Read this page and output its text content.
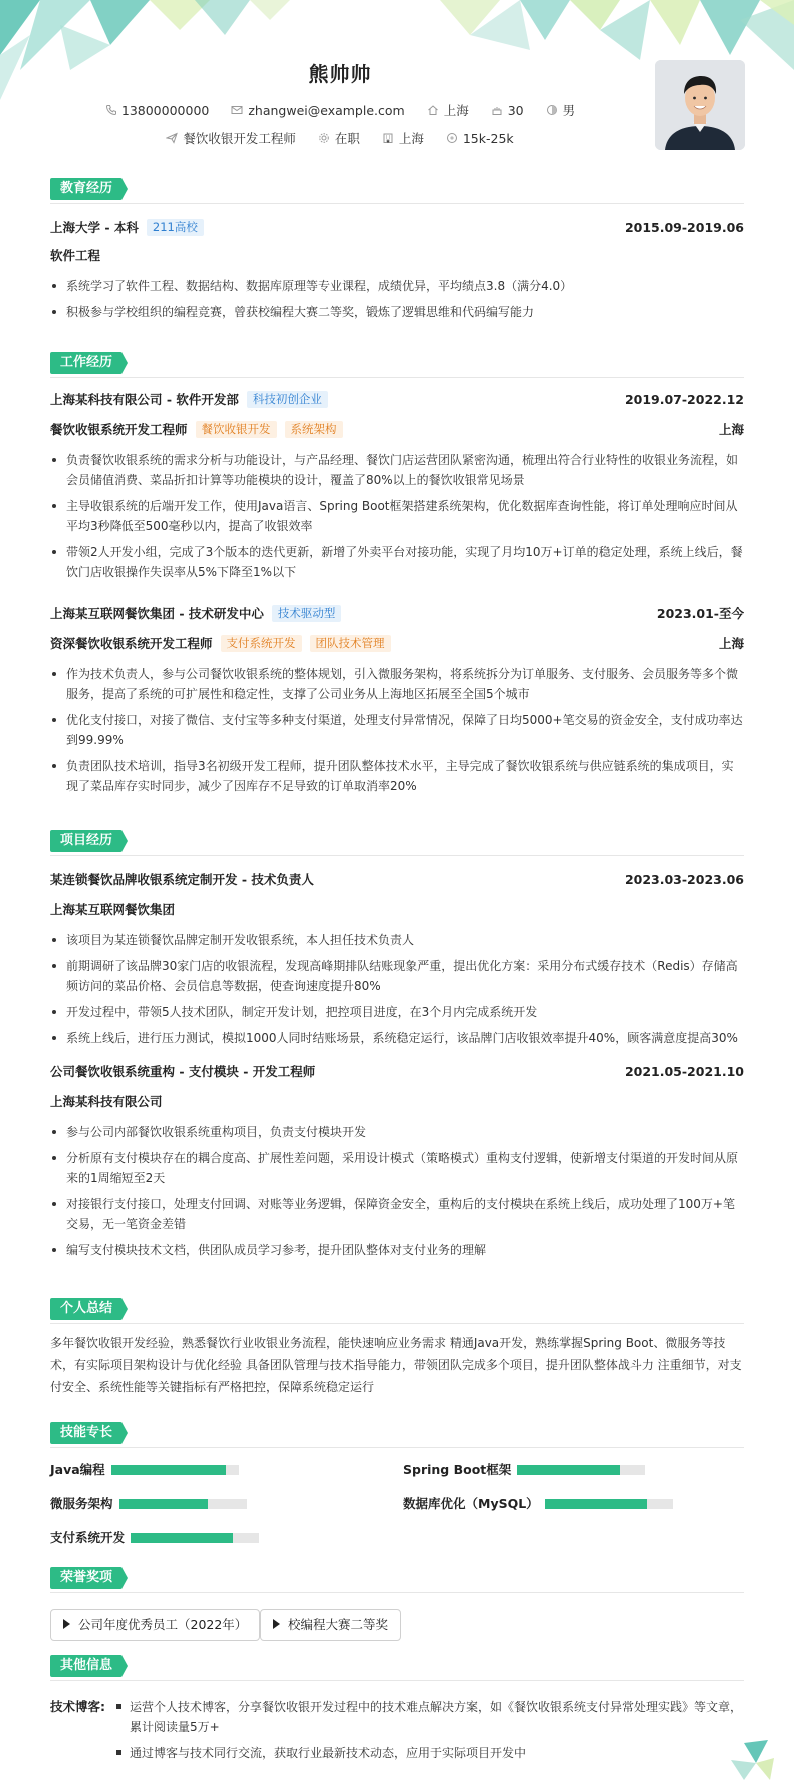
熊帅帅
13800000000	zhangwei@example.com	上海	30	男
餐饮收银开发工程师	在职	上海	15k-25k
教育经历
上海大学 - 本科 211高校	2015.09-2019.06
软件工程
系统学习了软件工程、数据结构、数据库原理等专业课程，成绩优异，平均绩点3.8（满分4.0）
积极参与学校组织的编程竞赛，曾获校编程大赛二等奖，锻炼了逻辑思维和代码编写能力
工作经历
上海某科技有限公司 - 软件开发部 科技初创企业	2019.07-2022.12
餐饮收银系统开发工程师 餐饮收银开发 系统架构	上海
负责餐饮收银系统的需求分析与功能设计，与产品经理、餐饮门店运营团队紧密沟通，梳理出符合行业特性的收银业务流程，如会员储值消费、菜品折扣计算等功能模块的设计，覆盖了80%以上的餐饮收银常见场景
主导收银系统的后端开发工作，使用Java语言、Spring Boot框架搭建系统架构，优化数据库查询性能，将订单处理响应时间从平均3秒降低至500毫秒以内，提高了收银效率
带领2人开发小组，完成了3个版本的迭代更新，新增了外卖平台对接功能，实现了月均10万+订单的稳定处理，系统上线后，餐饮门店收银操作失误率从5%下降至1%以下
上海某互联网餐饮集团 - 技术研发中心 技术驱动型	2023.01-至今
资深餐饮收银系统开发工程师 支付系统开发 团队技术管理	上海
作为技术负责人，参与公司餐饮收银系统的整体规划，引入微服务架构，将系统拆分为订单服务、支付服务、会员服务等多个微服务，提高了系统的可扩展性和稳定性，支撑了公司业务从上海地区拓展至全国5个城市
优化支付接口，对接了微信、支付宝等多种支付渠道，处理支付异常情况，保障了日均5000+笔交易的资金安全，支付成功率达到99.99%
负责团队技术培训，指导3名初级开发工程师，提升团队整体技术水平，主导完成了餐饮收银系统与供应链系统的集成项目，实现了菜品库存实时同步，减少了因库存不足导致的订单取消率20%
项目经历
某连锁餐饮品牌收银系统定制开发 - 技术负责人	2023.03-2023.06
上海某互联网餐饮集团
该项目为某连锁餐饮品牌定制开发收银系统，本人担任技术负责人
前期调研了该品牌30家门店的收银流程，发现高峰期排队结账现象严重，提出优化方案：采用分布式缓存技术（Redis）存储高频访问的菜品价格、会员信息等数据，使查询速度提升80%
开发过程中，带领5人技术团队，制定开发计划，把控项目进度，在3个月内完成系统开发
系统上线后，进行压力测试，模拟1000人同时结账场景，系统稳定运行，该品牌门店收银效率提升40%，顾客满意度提高30%
公司餐饮收银系统重构 - 支付模块 - 开发工程师	2021.05-2021.10
上海某科技有限公司
参与公司内部餐饮收银系统重构项目，负责支付模块开发
分析原有支付模块存在的耦合度高、扩展性差问题，采用设计模式（策略模式）重构支付逻辑，使新增支付渠道的开发时间从原来的1周缩短至2天
对接银行支付接口，处理支付回调、对账等业务逻辑，保障资金安全，重构后的支付模块在系统上线后，成功处理了100万+笔交易，无一笔资金差错
编写支付模块技术文档，供团队成员学习参考，提升团队整体对支付业务的理解
个人总结
多年餐饮收银开发经验，熟悉餐饮行业收银业务流程，能快速响应业务需求 精通Java开发，熟练掌握Spring Boot、微服务等技术，有实际项目架构设计与优化经验 具备团队管理与技术指导能力，带领团队完成多个项目，提升团队整体战斗力 注重细节，对支付安全、系统性能等关键指标有严格把控，保障系统稳定运行
技能专长
Java编程	Spring Boot框架
微服务架构	数据库优化（MySQL）
支付系统开发
荣誉奖项
公司年度优秀员工（2022年）	校编程大赛二等奖
其他信息
技术博客:	运营个人技术博客，分享餐饮收银开发过程中的技术难点解决方案，如《餐饮收银系统支付异常处理实践》等文章，累计阅读量5万+
通过博客与技术同行交流，获取行业最新技术动态，应用于实际项目开发中
